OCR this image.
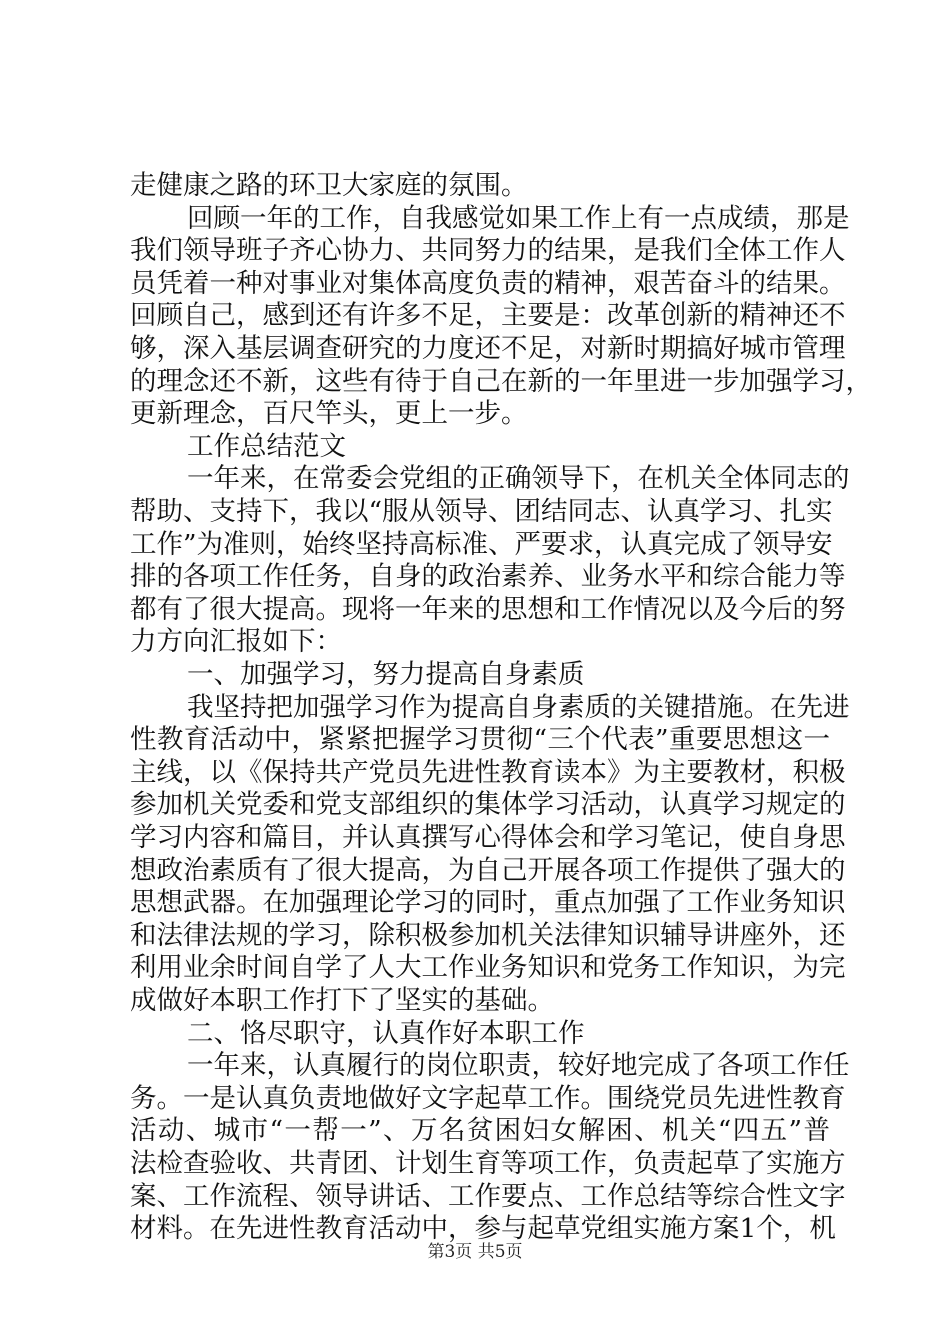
走健康之路的环卫大家庭的氛围。
回顾一年的工作，自我感觉如果工作上有一点成绩，那是
我们领导班子齐心协力、共同努力的结果，是我们全体工作人
员凭着一种对事业对集体高度负责的精神，艰苦奋斗的结果。
回顾自己，感到还有许多不足，主要是：改革创新的精神还不
够，深入基层调查研究的力度还不足，对新时期搞好城市管理
的理念还不新，这些有待于自己在新的一年里进一步加强学习，
更新理念，百尺竿头，更上一步。
工作总结范文
一年来，在常委会党组的正确领导下，在机关全体同志的
帮助、支持下，我以“服从领导、团结同志、认真学习、扎实
工作”为准则，始终坚持高标准、严要求，认真完成了领导安
排的各项工作任务，自身的政治素养、业务水平和综合能力等
都有了很大提高。现将一年来的思想和工作情况以及今后的努
力方向汇报如下：
一、加强学习，努力提高自身素质
我坚持把加强学习作为提高自身素质的关键措施。在先进
性教育活动中，紧紧把握学习贯彻“三个代表”重要思想这一
主线，以《保持共产党员先进性教育读本》为主要教材，积极
参加机关党委和党支部组织的集体学习活动，认真学习规定的
学习内容和篇目，并认真撰写心得体会和学习笔记，使自身思
想政治素质有了很大提高，为自己开展各项工作提供了强大的
思想武器。在加强理论学习的同时，重点加强了工作业务知识
和法律法规的学习，除积极参加机关法律知识辅导讲座外，还
利用业余时间自学了人大工作业务知识和党务工作知识，为完
成做好本职工作打下了坚实的基础。
二、恪尽职守，认真作好本职工作
一年来，认真履行的岗位职责，较好地完成了各项工作任
务。一是认真负责地做好文字起草工作。围绕党员先进性教育
活动、城市“一帮一”、万名贫困妇女解困、机关“四五”普
法检查验收、共青团、计划生育等项工作，负责起草了实施方
案、工作流程、领导讲话、工作要点、工作总结等综合性文字
材料。在先进性教育活动中，参与起草党组实施方案1个，机
第3页 共5页
